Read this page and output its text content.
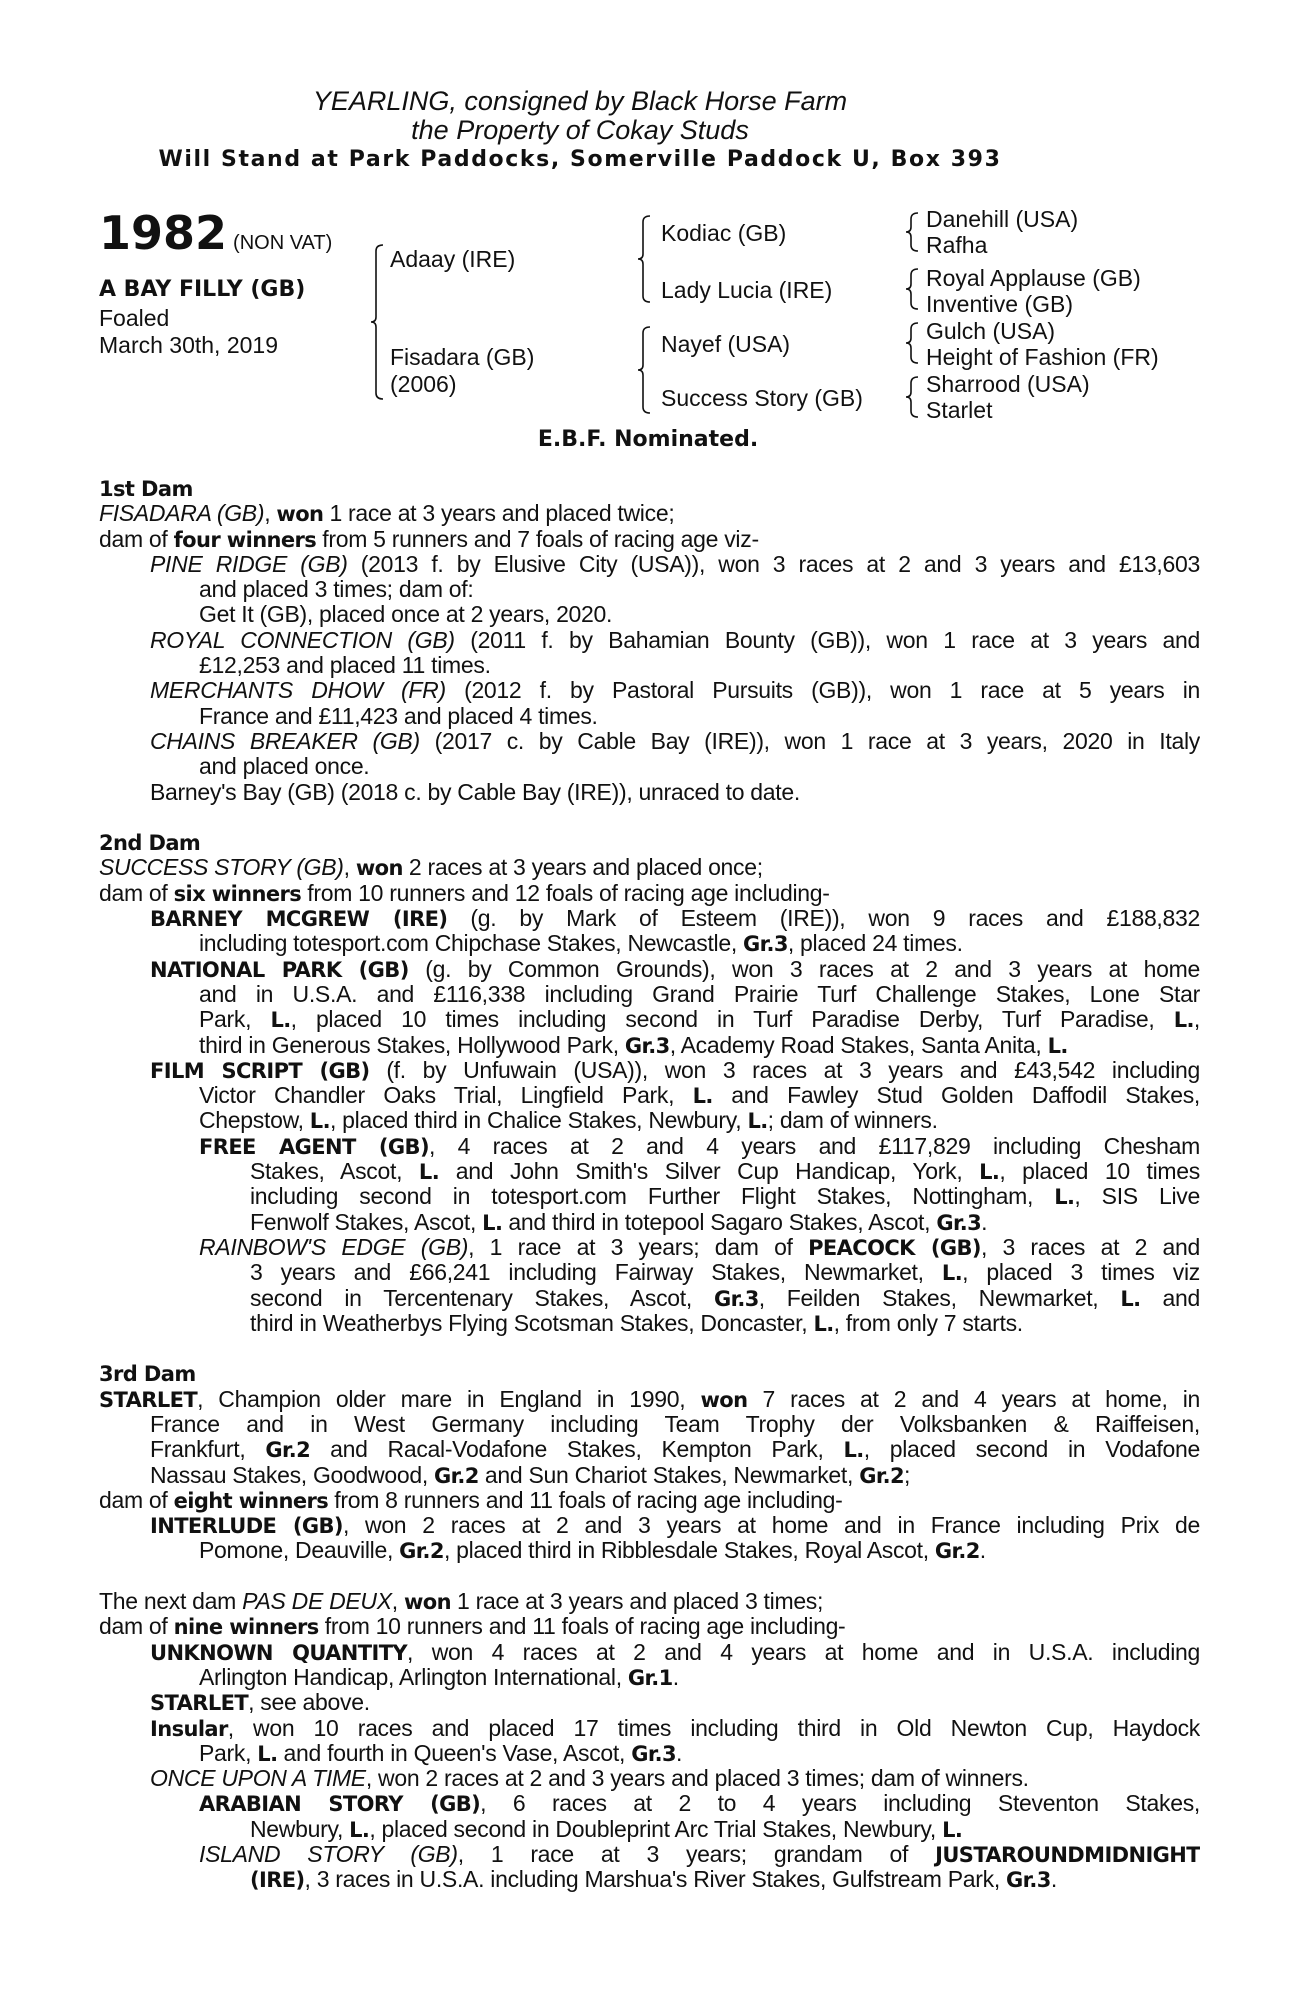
YEARLING, consigned by Black Horse Farm
the Property of Cokay Studs
Will Stand at Park Paddocks, Somerville Paddock U, Box 393
1982 (NON VAT)
A BAY FILLY (GB)
Foaled
March 30th, 2019
Adaay (IRE)
Fisadara (GB)
(2006)
Kodiac (GB)
Lady Lucia (IRE)
Nayef (USA)
Success Story (GB)
Danehill (USA)
Rafha
Royal Applause (GB)
Inventive (GB)
Gulch (USA)
Height of Fashion (FR)
Sharrood (USA)
Starlet
E.B.F. Nominated.
1st Dam
FISADARA (GB), won 1 race at 3 years and placed twice;
dam of four winners from 5 runners and 7 foals of racing age viz-
PINE RIDGE (GB) (2013 f. by Elusive City (USA)), won 3 races at 2 and 3 years and £13,603
and placed 3 times; dam of:
Get It (GB), placed once at 2 years, 2020.
ROYAL CONNECTION (GB) (2011 f. by Bahamian Bounty (GB)), won 1 race at 3 years and
£12,253 and placed 11 times.
MERCHANTS DHOW (FR) (2012 f. by Pastoral Pursuits (GB)), won 1 race at 5 years in
France and £11,423 and placed 4 times.
CHAINS BREAKER (GB) (2017 c. by Cable Bay (IRE)), won 1 race at 3 years, 2020 in Italy
and placed once.
Barney's Bay (GB) (2018 c. by Cable Bay (IRE)), unraced to date.
2nd Dam
SUCCESS STORY (GB), won 2 races at 3 years and placed once;
dam of six winners from 10 runners and 12 foals of racing age including-
BARNEY MCGREW (IRE) (g. by Mark of Esteem (IRE)), won 9 races and £188,832
including totesport.com Chipchase Stakes, Newcastle, Gr.3, placed 24 times.
NATIONAL PARK (GB) (g. by Common Grounds), won 3 races at 2 and 3 years at home
and in U.S.A. and £116,338 including Grand Prairie Turf Challenge Stakes, Lone Star
Park, L., placed 10 times including second in Turf Paradise Derby, Turf Paradise, L.,
third in Generous Stakes, Hollywood Park, Gr.3, Academy Road Stakes, Santa Anita, L.
FILM SCRIPT (GB) (f. by Unfuwain (USA)), won 3 races at 3 years and £43,542 including
Victor Chandler Oaks Trial, Lingfield Park, L. and Fawley Stud Golden Daffodil Stakes,
Chepstow, L., placed third in Chalice Stakes, Newbury, L.; dam of winners.
FREE AGENT (GB), 4 races at 2 and 4 years and £117,829 including Chesham
Stakes, Ascot, L. and John Smith's Silver Cup Handicap, York, L., placed 10 times
including second in totesport.com Further Flight Stakes, Nottingham, L., SIS Live
Fenwolf Stakes, Ascot, L. and third in totepool Sagaro Stakes, Ascot, Gr.3.
RAINBOW'S EDGE (GB), 1 race at 3 years; dam of PEACOCK (GB), 3 races at 2 and
3 years and £66,241 including Fairway Stakes, Newmarket, L., placed 3 times viz
second in Tercentenary Stakes, Ascot, Gr.3, Feilden Stakes, Newmarket, L. and
third in Weatherbys Flying Scotsman Stakes, Doncaster, L., from only 7 starts.
3rd Dam
STARLET, Champion older mare in England in 1990, won 7 races at 2 and 4 years at home, in
France and in West Germany including Team Trophy der Volksbanken & Raiffeisen,
Frankfurt, Gr.2 and Racal-Vodafone Stakes, Kempton Park, L., placed second in Vodafone
Nassau Stakes, Goodwood, Gr.2 and Sun Chariot Stakes, Newmarket, Gr.2;
dam of eight winners from 8 runners and 11 foals of racing age including-
INTERLUDE (GB), won 2 races at 2 and 3 years at home and in France including Prix de
Pomone, Deauville, Gr.2, placed third in Ribblesdale Stakes, Royal Ascot, Gr.2.
The next dam PAS DE DEUX, won 1 race at 3 years and placed 3 times;
dam of nine winners from 10 runners and 11 foals of racing age including-
UNKNOWN QUANTITY, won 4 races at 2 and 4 years at home and in U.S.A. including
Arlington Handicap, Arlington International, Gr.1.
STARLET, see above.
Insular, won 10 races and placed 17 times including third in Old Newton Cup, Haydock
Park, L. and fourth in Queen's Vase, Ascot, Gr.3.
ONCE UPON A TIME, won 2 races at 2 and 3 years and placed 3 times; dam of winners.
ARABIAN STORY (GB), 6 races at 2 to 4 years including Steventon Stakes,
Newbury, L., placed second in Doubleprint Arc Trial Stakes, Newbury, L.
ISLAND STORY (GB), 1 race at 3 years; grandam of JUSTAROUNDMIDNIGHT
(IRE), 3 races in U.S.A. including Marshua's River Stakes, Gulfstream Park, Gr.3.
